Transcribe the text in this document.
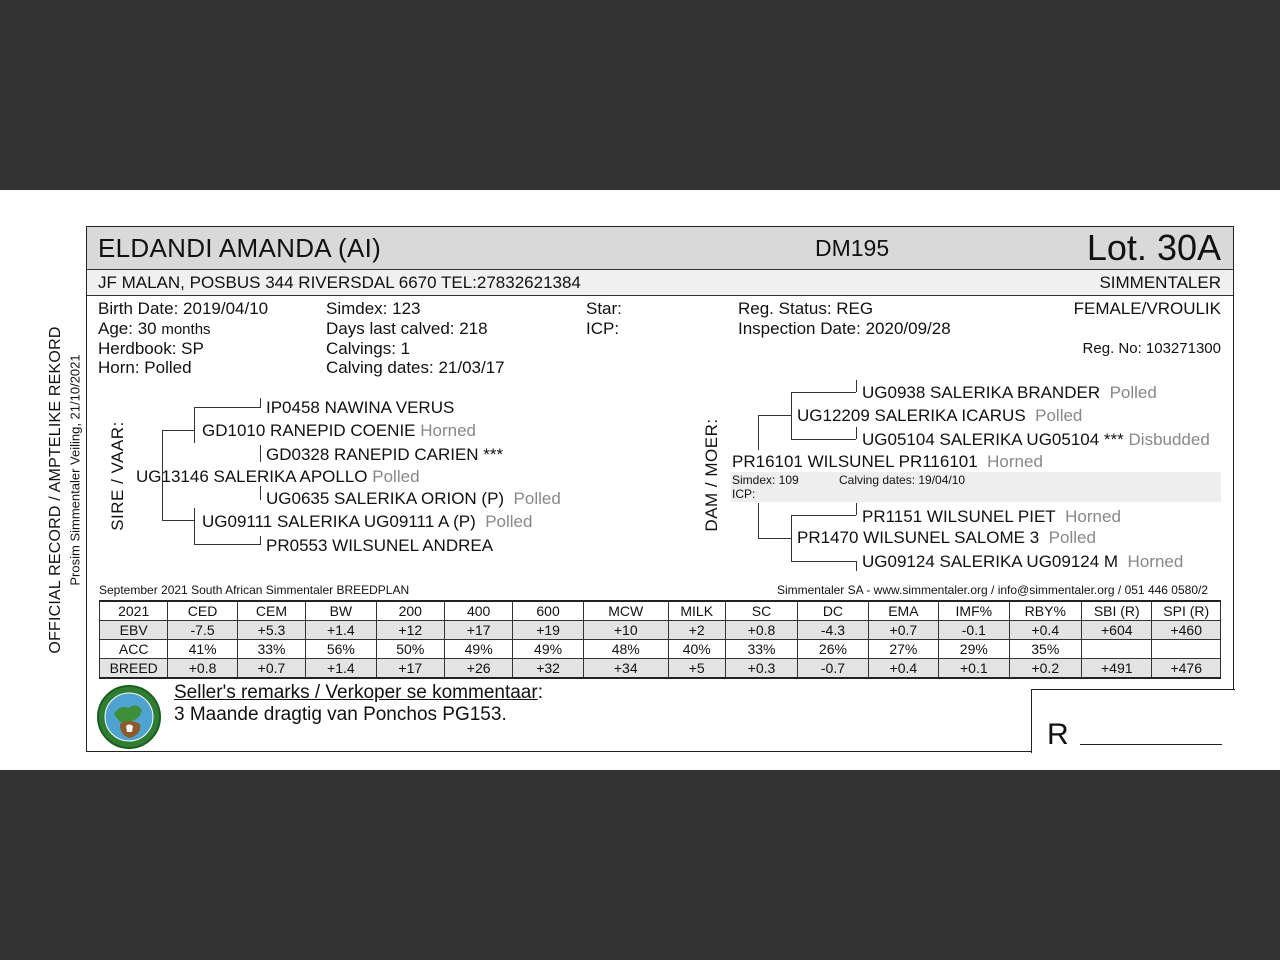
OFFICIAL RECORD / AMPTELIKE REKORD Prosim Simmentaler Veiling, 21/10/2021
ELDANDI AMANDA (AI)	DM195	Lot. 30A
JF MALAN, POSBUS 344 RIVERSDAL 6670 TEL:27832621384	SIMMENTALER
Birth Date: 2019/04/10
Age: 30 months
Herdbook: SP
Horn: Polled
Simdex: 123
Days last calved: 218
Calvings: 1
Calving dates: 21/03/17
Star:
ICP:
Reg. Status: REG
Inspection Date: 2020/09/28
FEMALE/VROULIK
Reg. No: 103271300
SIRE / VAAR:
IP0458 NAWINA VERUS
GD1010 RANEPID COENIE Horned
GD0328 RANEPID CARIEN ***
UG13146 SALERIKA APOLLO Polled
UG0635 SALERIKA ORION (P) Polled
UG09111 SALERIKA UG09111 A (P) Polled
PR0553 WILSUNEL ANDREA
DAM / MOER:
UG0938 SALERIKA BRANDER Polled
UG12209 SALERIKA ICARUS Polled
UG05104 SALERIKA UG05104 *** Disbudded
PR16101 WILSUNEL PR116101 Horned
Simdex: 109	Calving dates: 19/04/10
ICP:
PR1151 WILSUNEL PIET Horned
PR1470 WILSUNEL SALOME 3 Polled
UG09124 SALERIKA UG09124 M Horned
September 2021 South African Simmentaler BREEDPLAN	Simmentaler SA - www.simmentaler.org / info@simmentaler.org / 051 446 0580/2
2021	CED	CEM	BW	200	400	600	MCW	MILK	SC	DC	EMA	IMF%	RBY%	SBI (R)	SPI (R)
EBV	-7.5	+5.3	+1.4	+12	+17	+19	+10	+2	+0.8	-4.3	+0.7	-0.1	+0.4	+604	+460
ACC	41%	33%	56%	50%	49%	49%	48%	40%	33%	26%	27%	29%	35%		
BREED	+0.8	+0.7	+1.4	+17	+26	+32	+34	+5	+0.3	-0.7	+0.4	+0.1	+0.2	+491	+476
Seller's remarks / Verkoper se kommentaar:
3 Maande dragtig van Ponchos PG153.
R
